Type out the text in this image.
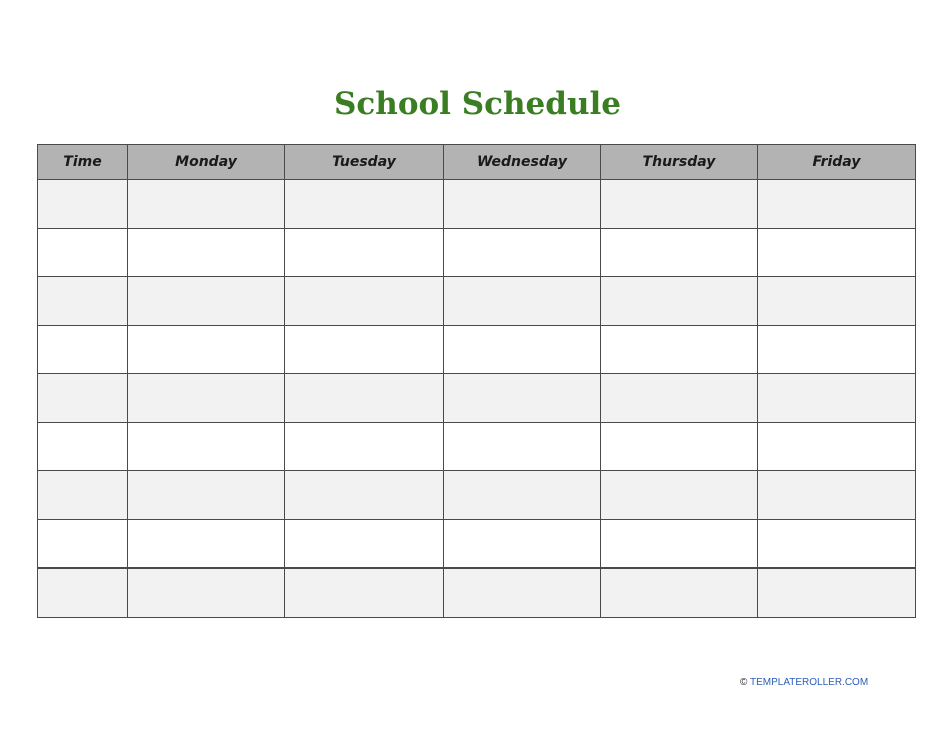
School Schedule
Time	Monday	Tuesday	Wednesday	Thursday	Friday

© TEMPLATEROLLER.COM
